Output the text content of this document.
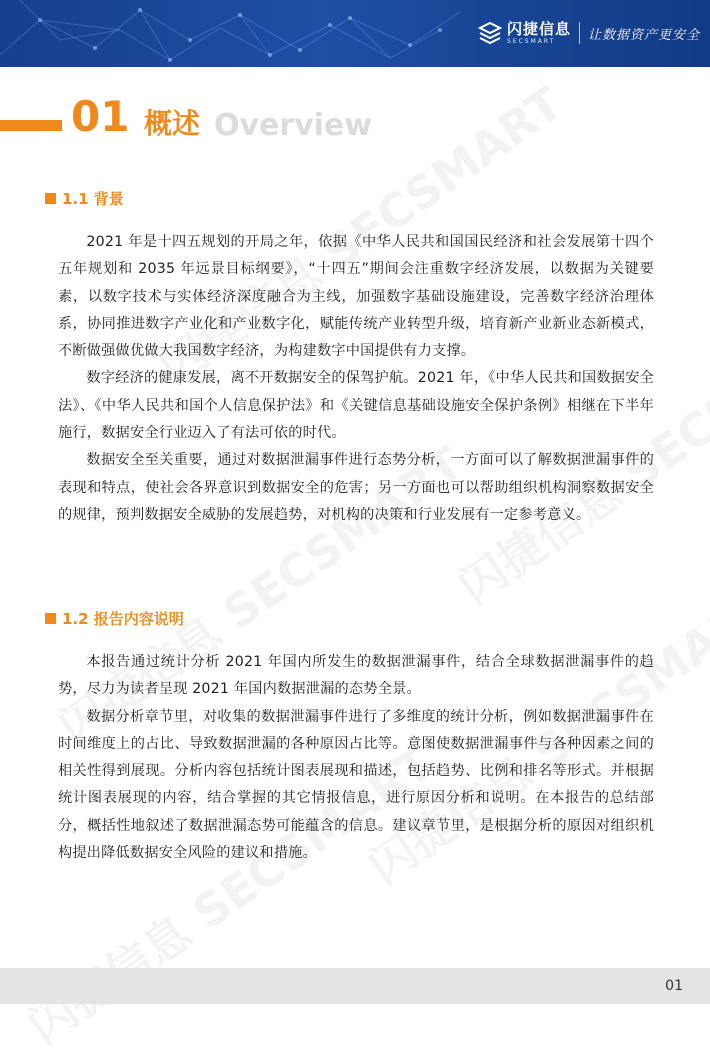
闪捷信息
SECSMART	让数据资产更安全
01 概述 Overview
1.1 背景

2021 年是十四五规划的开局之年，依据《中华人民共和国国民经济和社会发展第十四个五年规划和 2035 年远景目标纲要》，“十四五”期间会注重数字经济发展，以数据为关键要素，以数字技术与实体经济深度融合为主线，加强数字基础设施建设，完善数字经济治理体系，协同推进数字产业化和产业数字化，赋能传统产业转型升级，培育新产业新业态新模式，不断做强做优做大我国数字经济，为构建数字中国提供有力支撑。

数字经济的健康发展，离不开数据安全的保驾护航。2021 年，《中华人民共和国数据安全法》、《中华人民共和国个人信息保护法》和《关键信息基础设施安全保护条例》相继在下半年施行，数据安全行业迈入了有法可依的时代。

数据安全至关重要，通过对数据泄漏事件进行态势分析，一方面可以了解数据泄漏事件的表现和特点，使社会各界意识到数据安全的危害；另一方面也可以帮助组织机构洞察数据安全的规律，预判数据安全威胁的发展趋势，对机构的决策和行业发展有一定参考意义。

1.2 报告内容说明

本报告通过统计分析 2021 年国内所发生的数据泄漏事件，结合全球数据泄漏事件的趋势，尽力为读者呈现 2021 年国内数据泄漏的态势全景。

数据分析章节里，对收集的数据泄漏事件进行了多维度的统计分析，例如数据泄漏事件在时间维度上的占比、导致数据泄漏的各种原因占比等。意图使数据泄漏事件与各种因素之间的相关性得到展现。分析内容包括统计图表展现和描述，包括趋势、比例和排名等形式。并根据统计图表展现的内容，结合掌握的其它情报信息，进行原因分析和说明。在本报告的总结部分，概括性地叙述了数据泄漏态势可能蕴含的信息。建议章节里，是根据分析的原因对组织机构提出降低数据安全风险的建议和措施。

01
